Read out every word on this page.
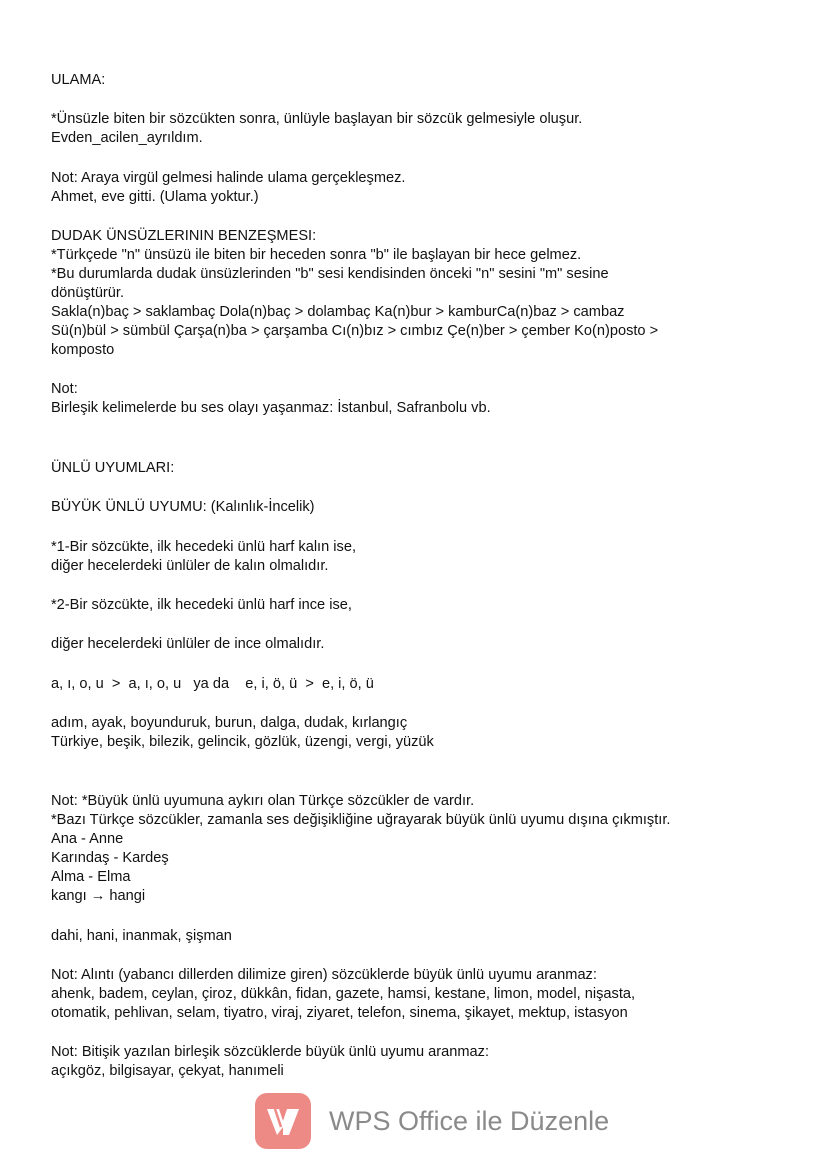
ULAMA:

*Ünsüzle biten bir sözcükten sonra, ünlüyle başlayan bir sözcük gelmesiyle oluşur.

Evden_acilen_ayrıldım.

Not: Araya virgül gelmesi halinde ulama gerçekleşmez.

Ahmet, eve gitti. (Ulama yoktur.)

DUDAK ÜNSÜZLERININ BENZEŞMESI:

*Türkçede "n" ünsüzü ile biten bir heceden sonra "b" ile başlayan bir hece gelmez.

*Bu durumlarda dudak ünsüzlerinden "b" sesi kendisinden önceki "n" sesini "m" sesine

dönüştürür.

Sakla(n)baç > saklambaç Dola(n)baç > dolambaç Ka(n)bur > kamburCa(n)baz > cambaz

Sü(n)bül > sümbül Çarşa(n)ba > çarşamba Cı(n)bız > cımbız Çe(n)ber > çember Ko(n)posto >

komposto

Not:

Birleşik kelimelerde bu ses olayı yaşanmaz: İstanbul, Safranbolu vb.

ÜNLÜ UYUMLARI:

BÜYÜK ÜNLÜ UYUMU: (Kalınlık-İncelik)

*1-Bir sözcükte, ilk hecedeki ünlü harf kalın ise,

diğer hecelerdeki ünlüler de kalın olmalıdır.

*2-Bir sözcükte, ilk hecedeki ünlü harf ince ise,

diğer hecelerdeki ünlüler de ince olmalıdır.

a, ı, o, u  >  a, ı, o, u   ya da    e, i, ö, ü  >  e, i, ö, ü

adım, ayak, boyunduruk, burun, dalga, dudak, kırlangıç

Türkiye, beşik, bilezik, gelincik, gözlük, üzengi, vergi, yüzük

Not: *Büyük ünlü uyumuna aykırı olan Türkçe sözcükler de vardır.

*Bazı Türkçe sözcükler, zamanla ses değişikliğine uğrayarak büyük ünlü uyumu dışına çıkmıştır.

Ana - Anne

Karındaş - Kardeş

Alma - Elma

kangı → hangi

dahi, hani, inanmak, şişman

Not: Alıntı (yabancı dillerden dilimize giren) sözcüklerde büyük ünlü uyumu aranmaz:

ahenk, badem, ceylan, çiroz, dükkân, fidan, gazete, hamsi, kestane, limon, model, nişasta,

otomatik, pehlivan, selam, tiyatro, viraj, ziyaret, telefon, sinema, şikayet, mektup, istasyon

Not: Bitişik yazılan birleşik sözcüklerde büyük ünlü uyumu aranmaz:

açıkgöz, bilgisayar, çekyat, hanımeli

WPS Office ile Düzenle
